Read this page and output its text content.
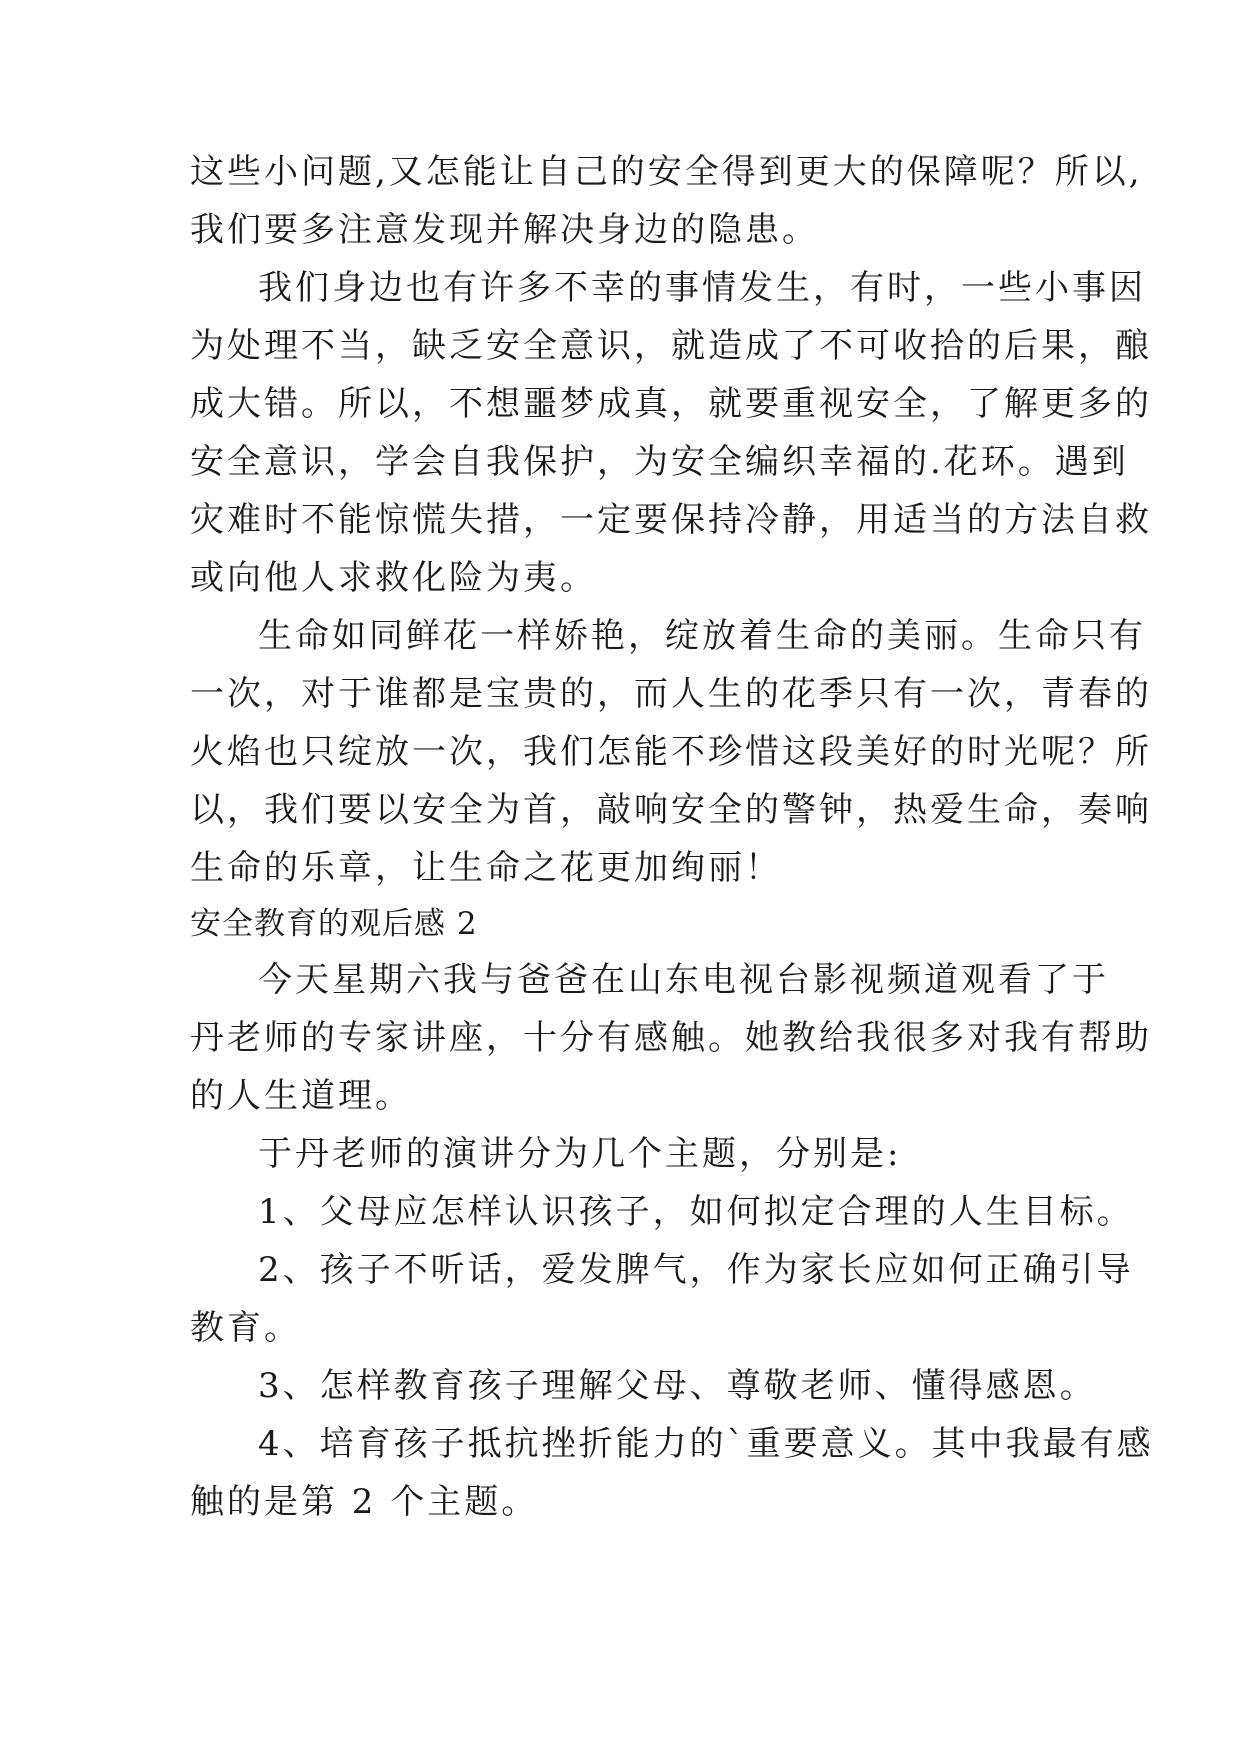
这些小问题,又怎能让自己的安全得到更大的保障呢？所以,

我们要多注意发现并解决身边的隐患。

我们身边也有许多不幸的事情发生，有时，一些小事因

为处理不当，缺乏安全意识，就造成了不可收拾的后果，酿

成大错。所以，不想噩梦成真，就要重视安全，了解更多的

安全意识，学会自我保护，为安全编织幸福的.花环。遇到

灾难时不能惊慌失措，一定要保持冷静，用适当的方法自救

或向他人求救化险为夷。

生命如同鲜花一样娇艳，绽放着生命的美丽。生命只有

一次，对于谁都是宝贵的，而人生的花季只有一次，青春的

火焰也只绽放一次，我们怎能不珍惜这段美好的时光呢？所

以，我们要以安全为首，敲响安全的警钟，热爱生命，奏响

生命的乐章，让生命之花更加绚丽！

安全教育的观后感 2

今天星期六我与爸爸在山东电视台影视频道观看了于

丹老师的专家讲座，十分有感触。她教给我很多对我有帮助

的人生道理。

于丹老师的演讲分为几个主题，分别是:

1、父母应怎样认识孩子，如何拟定合理的人生目标。

2、孩子不听话，爱发脾气，作为家长应如何正确引导

教育。

3、怎样教育孩子理解父母、尊敬老师、懂得感恩。

4、培育孩子抵抗挫折能力的`重要意义。其中我最有感

触的是第 2 个主题。
